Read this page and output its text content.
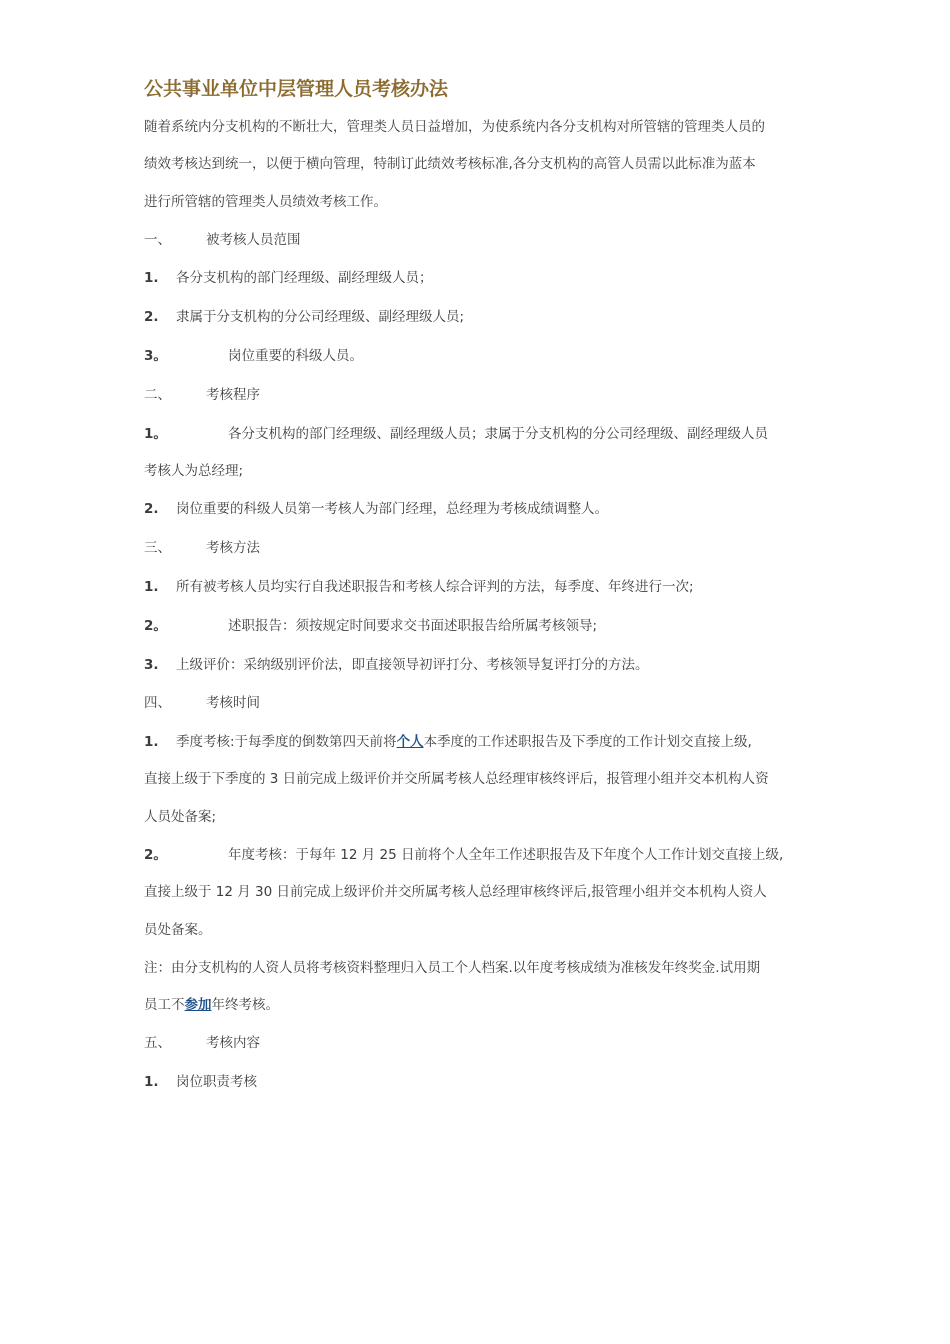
公共事业单位中层管理人员考核办法
随着系统内分支机构的不断壮大，管理类人员日益增加，为使系统内各分支机构对所管辖的管理类人员的
绩效考核达到统一，以便于横向管理，特制订此绩效考核标准,各分支机构的高管人员需以此标准为蓝本
进行所管辖的管理类人员绩效考核工作。
一、	被考核人员范围
1. 各分支机构的部门经理级、副经理级人员；
2. 隶属于分支机构的分公司经理级、副经理级人员;
3。	岗位重要的科级人员。
二、	考核程序
1。	各分支机构的部门经理级、副经理级人员；隶属于分支机构的分公司经理级、副经理级人员
考核人为总经理;
2. 岗位重要的科级人员第一考核人为部门经理，总经理为考核成绩调整人。
三、	考核方法
1. 所有被考核人员均实行自我述职报告和考核人综合评判的方法，每季度、年终进行一次;
2。	述职报告：须按规定时间要求交书面述职报告给所属考核领导;
3. 上级评价：采纳级别评价法，即直接领导初评打分、考核领导复评打分的方法。
四、	考核时间
1. 季度考核:于每季度的倒数第四天前将个人本季度的工作述职报告及下季度的工作计划交直接上级,
直接上级于下季度的 3 日前完成上级评价并交所属考核人总经理审核终评后，报管理小组并交本机构人资
人员处备案;
2。	年度考核：于每年 12 月 25 日前将个人全年工作述职报告及下年度个人工作计划交直接上级,
直接上级于 12 月 30 日前完成上级评价并交所属考核人总经理审核终评后,报管理小组并交本机构人资人
员处备案。
注：由分支机构的人资人员将考核资料整理归入员工个人档案.以年度考核成绩为准核发年终奖金.试用期
员工不参加年终考核。
五、	考核内容
1. 岗位职责考核
